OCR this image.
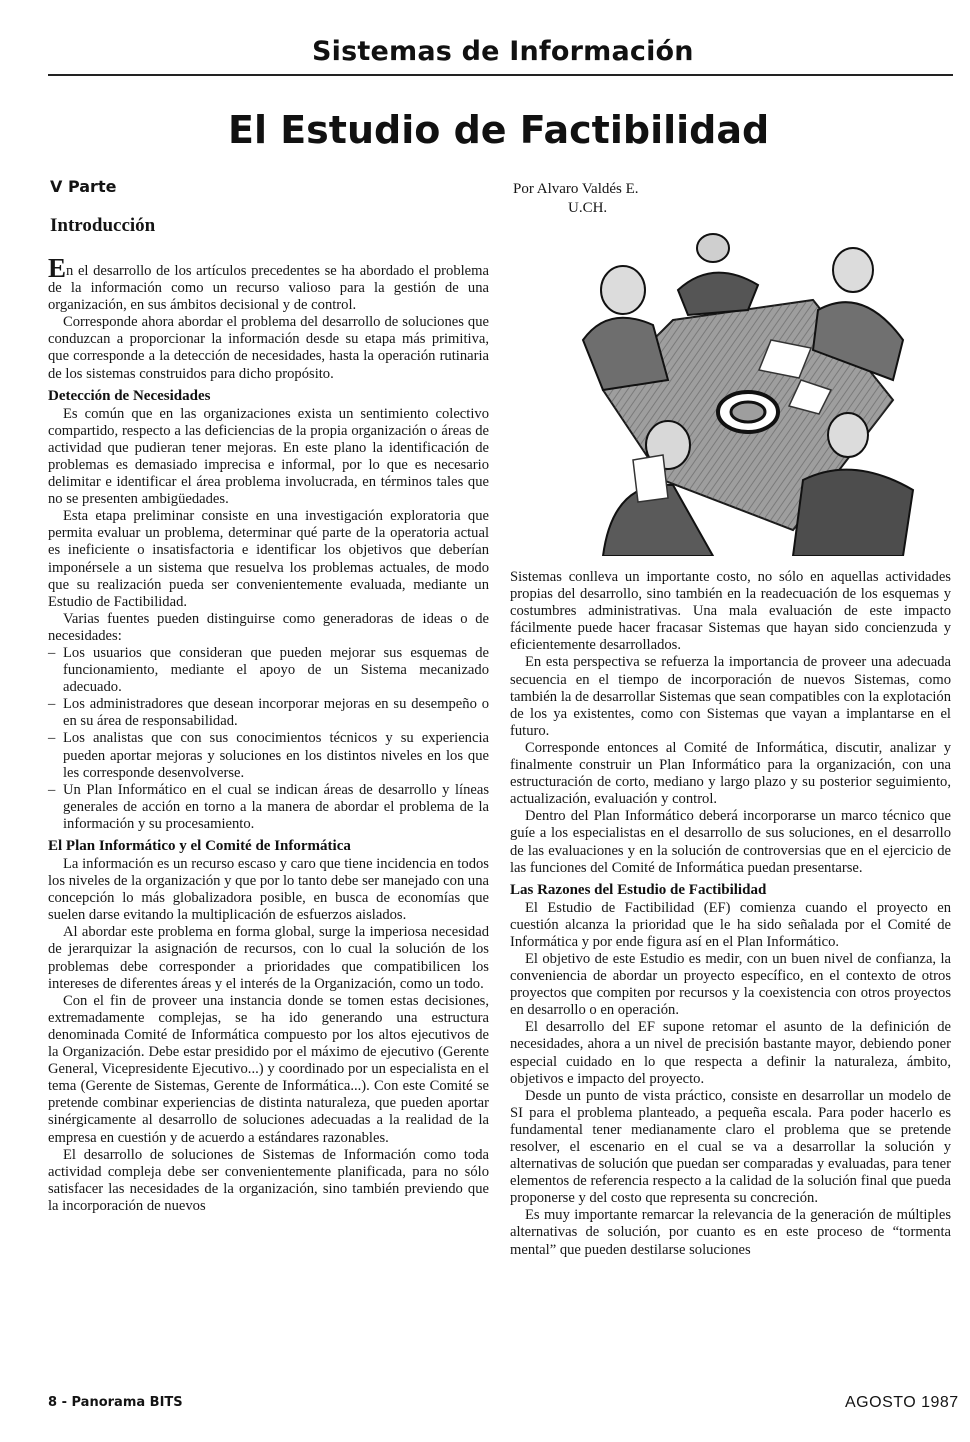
Sistemas de Información
El Estudio de Factibilidad
V Parte
Introducción
Por Alvaro Valdés E.
U.CH.

En el desarrollo de los artículos precedentes se ha abordado el problema de la información como un recurso valioso para la gestión de una organización, en sus ámbitos decisional y de control.

Corresponde ahora abordar el problema del desarrollo de soluciones que conduzcan a proporcionar la información desde su etapa más primitiva, que corresponde a la detección de necesidades, hasta la operación rutinaria de los sistemas construidos para dicho propósito.

Detección de Necesidades

Es común que en las organizaciones exista un sentimiento colectivo compartido, respecto a las deficiencias de la propia organización o áreas de actividad que pudieran tener mejoras. En este plano la identificación de problemas es demasiado imprecisa e informal, por lo que es necesario delimitar e identificar el área problema involucrada, en términos tales que no se presenten ambigüedades.

Esta etapa preliminar consiste en una investigación exploratoria que permita evaluar un problema, determinar qué parte de la operatoria actual es ineficiente o insatisfactoria e identificar los objetivos que deberían imponérsele a un sistema que resuelva los problemas actuales, de modo que su realización pueda ser convenientemente evaluada, mediante un Estudio de Factibilidad.

Varias fuentes pueden distinguirse como generadoras de ideas o de necesidades:

– Los usuarios que consideran que pueden mejorar sus esquemas de funcionamiento, mediante el apoyo de un Sistema mecanizado adecuado.
– Los administradores que desean incorporar mejoras en su desempeño o en su área de responsabilidad.
– Los analistas que con sus conocimientos técnicos y su experiencia pueden aportar mejoras y soluciones en los distintos niveles en los que les corresponde desenvolverse.
– Un Plan Informático en el cual se indican áreas de desarrollo y líneas generales de acción en torno a la manera de abordar el problema de la información y su procesamiento.
El Plan Informático y el Comité de Informática

La información es un recurso escaso y caro que tiene incidencia en todos los niveles de la organización y que por lo tanto debe ser manejado con una concepción lo más globalizadora posible, en busca de economías que suelen darse evitando la multiplicación de esfuerzos aislados.

Al abordar este problema en forma global, surge la imperiosa necesidad de jerarquizar la asignación de recursos, con lo cual la solución de los problemas debe corresponder a prioridades que compatibilicen los intereses de diferentes áreas y el interés de la Organización, como un todo.

Con el fin de proveer una instancia donde se tomen estas decisiones, extremadamente complejas, se ha ido generando una estructura denominada Comité de Informática compuesto por los altos ejecutivos de la Organización. Debe estar presidido por el máximo de ejecutivo (Gerente General, Vicepresidente Ejecutivo...) y coordinado por un especialista en el tema (Gerente de Sistemas, Gerente de Informática...). Con este Comité se pretende combinar experiencias de distinta naturaleza, que pueden aportar sinérgicamente al desarrollo de soluciones adecuadas a la realidad de la empresa en cuestión y de acuerdo a estándares razonables.

El desarrollo de soluciones de Sistemas de Información como toda actividad compleja debe ser convenientemente planificada, para no sólo satisfacer las necesidades de la organización, sino también previendo que la incorporación de nuevos

Sistemas conlleva un importante costo, no sólo en aquellas actividades propias del desarrollo, sino también en la readecuación de los esquemas y costumbres administrativas. Una mala evaluación de este impacto fácilmente puede hacer fracasar Sistemas que hayan sido concienzuda y eficientemente desarrollados.

En esta perspectiva se refuerza la importancia de proveer una adecuada secuencia en el tiempo de incorporación de nuevos Sistemas, como también la de desarrollar Sistemas que sean compatibles con la explotación de los ya existentes, como con Sistemas que vayan a implantarse en el futuro.

Corresponde entonces al Comité de Informática, discutir, analizar y finalmente construir un Plan Informático para la organización, con una estructuración de corto, mediano y largo plazo y su posterior seguimiento, actualización, evaluación y control.

Dentro del Plan Informático deberá incorporarse un marco técnico que guíe a los especialistas en el desarrollo de sus soluciones, en el desarrollo de las evaluaciones y en la solución de controversias que en el ejercicio de las funciones del Comité de Informática puedan presentarse.

Las Razones del Estudio de Factibilidad

El Estudio de Factibilidad (EF) comienza cuando el proyecto en cuestión alcanza la prioridad que le ha sido señalada por el Comité de Informática y por ende figura así en el Plan Informático.

El objetivo de este Estudio es medir, con un buen nivel de confianza, la conveniencia de abordar un proyecto específico, en el contexto de otros proyectos que compiten por recursos y la coexistencia con otros proyectos en desarrollo o en operación.

El desarrollo del EF supone retomar el asunto de la definición de necesidades, ahora a un nivel de precisión bastante mayor, debiendo poner especial cuidado en lo que respecta a definir la naturaleza, ámbito, objetivos e impacto del proyecto.

Desde un punto de vista práctico, consiste en desarrollar un modelo de SI para el problema planteado, a pequeña escala. Para poder hacerlo es fundamental tener medianamente claro el problema que se pretende resolver, el escenario en el cual se va a desarrollar la solución y alternativas de solución que puedan ser comparadas y evaluadas, para tener elementos de referencia respecto a la calidad de la solución final que pueda proponerse y del costo que representa su concreción.

Es muy importante remarcar la relevancia de la generación de múltiples alternativas de solución, por cuanto es en este proceso de “tormenta mental” que pueden destilarse soluciones

8 - Panorama BITS	AGOSTO 1987
